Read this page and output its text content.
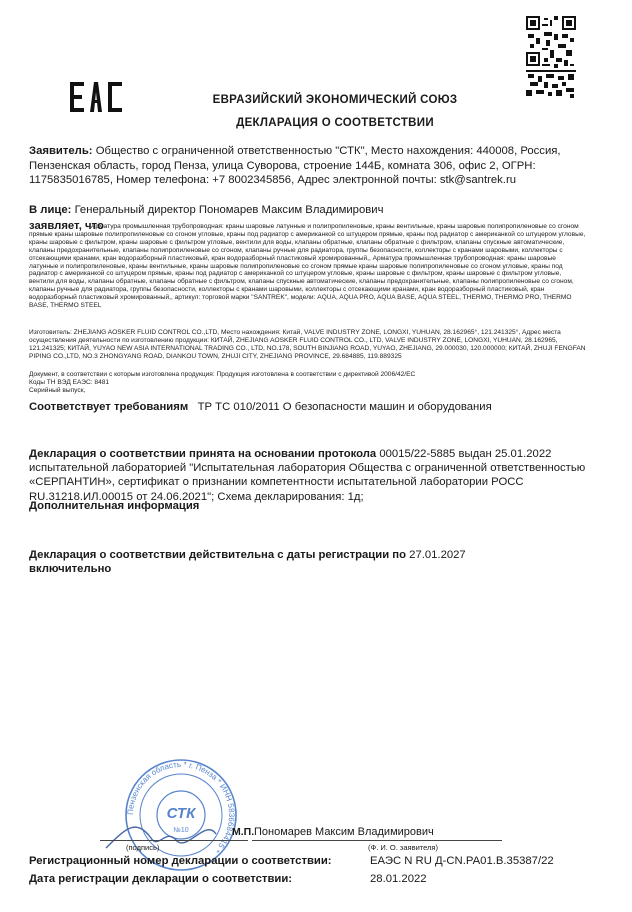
ЕВРАЗИЙСКИЙ ЭКОНОМИЧЕСКИЙ СОЮЗ
ДЕКЛАРАЦИЯ О СООТВЕТСТВИИ
Заявитель: Общество с ограниченной ответственностью "СТК", Место нахождения: 440008, Россия, Пензенская область, город Пенза, улица Суворова, строение 144Б, комната 306, офис 2, ОГРН: 1175835016785, Номер телефона: +7 8002345856, Адрес электронной почты: stk@santrek.ru
В лице: Генеральный директор Пономарев Максим Владимирович
заявляет, что
Арматура промышленная трубопроводная: краны шаровые латунные и полипропиленовые, краны вентильные, краны шаровые полипропиленовые со сгоном прямые краны шаровые полипропиленовые со сгоном угловые, краны под радиатор с американкой со штуцером прямые, краны под радиатор с американкой со штуцером угловые, краны шаровые с фильтром, краны шаровые с фильтром угловые, вентили для воды, клапаны обратные, клапаны обратные с фильтром, клапаны спускные автоматические, клапаны предохранительные, клапаны полипропиленовые со сгоном, клапаны ручные для радиатора, группы безопасности, коллекторы с кранами шаровыми, коллекторы с отсекающими кранами, кран водоразборный пластиковый, кран водоразборный пластиковый хромированный,, Арматура промышленная трубопроводная: краны шаровые латунные и полипропиленовые, краны вентильные, краны шаровые полипропиленовые со сгоном прямые краны шаровые полипропиленовые со сгоном угловые, краны под радиатор с американкой со штуцером прямые, краны под радиатор с американкой со штуцером угловые, краны шаровые с фильтром, краны шаровые с фильтром угловые, вентили для воды, клапаны обратные, клапаны обратные с фильтром, клапаны спускные автоматические, клапаны предохранительные, клапаны полипропиленовые со сгоном, клапаны ручные для радиатора, группы безопасности, коллекторы с кранами шаровыми, коллекторы с отсекающими кранами, кран водоразборный пластиковый, кран водоразборный пластиковый хромированный,, артикул: торговой марки "SANTREK", модели: AQUA, AQUA PRO, AQUA BASE, AQUA STEEL, THERMO, THERMO PRO, THERMO BASE, THERMO STEEL
Изготовитель: ZHEJIANG AOSKER FLUID CONTROL CO.,LTD, Место нахождения: Китай, VALVE INDUSTRY ZONE, LONGXI, YUHUAN, 28.162965°, 121.241325°, Адрес места осуществления деятельности по изготовлению продукции: КИТАЙ, ZHEJIANG AOSKER FLUID CONTROL CO., LTD, VALVE INDUSTRY ZONE, LONGXI, YUHUAN, 28.162965, 121.241325; КИТАЙ, YUYAO NEW ASIA INTERNATIONAL TRADING CO., LTD, NO.178, SOUTH BINJIANG ROAD, YUYAO, ZHEJIANG, 29.000030, 120.000000; КИТАЙ, ZHUJI FENGFAN PIPING CO.,LTD, NO.3 ZHONGYANG ROAD, DIANKOU TOWN, ZHUJI CITY, ZHEJIANG PROVINCE, 29.684885, 119.889325
Документ, в соответствии с которым изготовлена продукция: Продукция изготовлена в соответствии с директивой 2006/42/EC
Коды ТН ВЭД ЕАЭС: 8481
Серийный выпуск,
Соответствует требованиям ТР ТС 010/2011 О безопасности машин и оборудования
Декларация о соответствии принята на основании протокола 00015/22-5885 выдан 25.01.2022 испытательной лабораторией "Испытательная лаборатория Общества с ограниченной ответственностью «СЕРПАНТИН», сертификат о признании компетентности испытательной лаборатории РОСС RU.31218.ИЛ.00015 от 24.06.2021"; Схема декларирования: 1д;
Дополнительная информация
Декларация о соответствии действительна с даты регистрации по 27.01.2027
включительно
Пензенская область * г. Пенза * ИНН 5836684415 *
СТК
№10	М.П. Пономарев Максим Владимирович
(подпись)	(Ф. И. О. заявителя)
Регистрационный номер декларации о соответствии:	ЕАЭС N RU Д-CN.РА01.В.35387/22
Дата регистрации декларации о соответствии:	28.01.2022
